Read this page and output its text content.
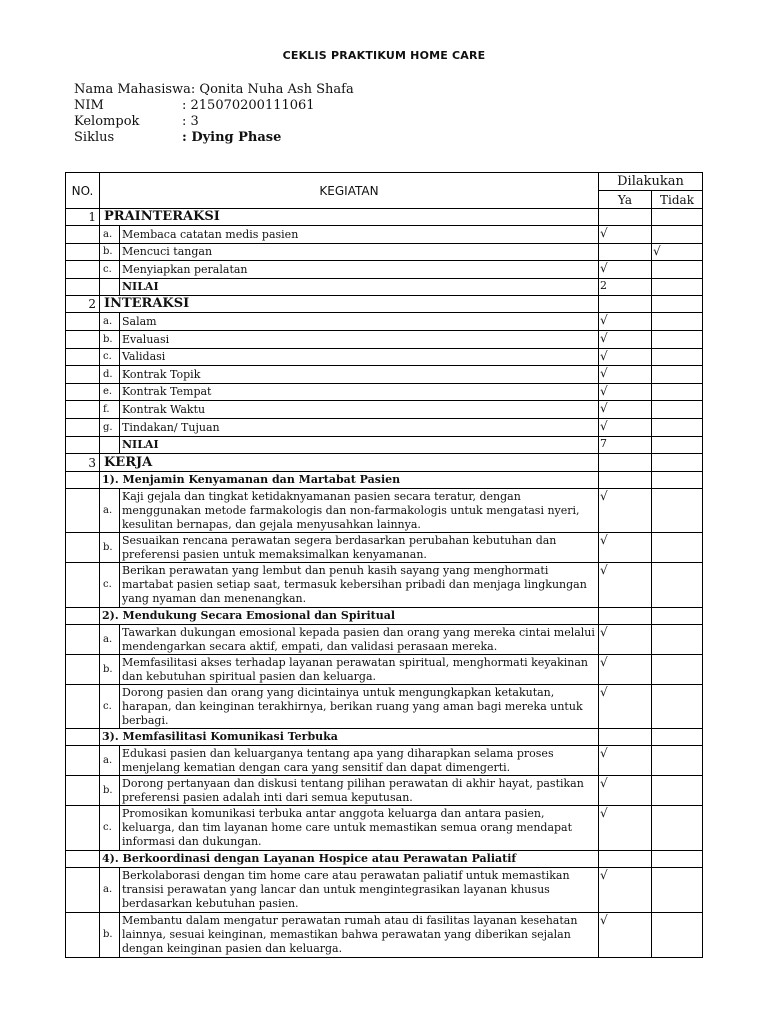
CEKLIS PRAKTIKUM HOME CARE
Nama Mahasiswa: Qonita Nuha Ash Shafa
NIM	: 215070200111061
Kelompok	: 3
Siklus	: Dying Phase
NO.	KEGIATAN		Dilakukan	
			Ya	Tidak
1	PRAINTERAKSI			
	a.	Membaca catatan medis pasien	√	
	b.	Mencuci tangan		√
	c.	Menyiapkan peralatan	√	
		NILAI	2	
2	INTERAKSI			
	a.	Salam	√	
	b.	Evaluasi	√	
	c.	Validasi	√	
	d.	Kontrak Topik	√	
	e.	Kontrak Tempat	√	
	f.	Kontrak Waktu	√	
	g.	Tindakan/ Tujuan	√	
		NILAI	7	
3	KERJA			
	1). Menjamin Kenyamanan dan Martabat Pasien			
	a.	Kaji gejala dan tingkat ketidaknyamanan pasien secara teratur, dengan menggunakan metode farmakologis dan non-farmakologis untuk mengatasi nyeri, kesulitan bernapas, dan gejala menyusahkan lainnya.	√	
	b.	Sesuaikan rencana perawatan segera berdasarkan perubahan kebutuhan dan preferensi pasien untuk memaksimalkan kenyamanan.	√	
	c.	Berikan perawatan yang lembut dan penuh kasih sayang yang menghormati martabat pasien setiap saat, termasuk kebersihan pribadi dan menjaga lingkungan yang nyaman dan menenangkan.	√	
	2). Mendukung Secara Emosional dan Spiritual			
	a.	Tawarkan dukungan emosional kepada pasien dan orang yang mereka cintai melalui mendengarkan secara aktif, empati, dan validasi perasaan mereka.	√	
	b.	Memfasilitasi akses terhadap layanan perawatan spiritual, menghormati keyakinan dan kebutuhan spiritual pasien dan keluarga.	√	
	c.	Dorong pasien dan orang yang dicintainya untuk mengungkapkan ketakutan, harapan, dan keinginan terakhirnya, berikan ruang yang aman bagi mereka untuk berbagi.	√	
	3). Memfasilitasi Komunikasi Terbuka			
	a.	Edukasi pasien dan keluarganya tentang apa yang diharapkan selama proses menjelang kematian dengan cara yang sensitif dan dapat dimengerti.	√	
	b.	Dorong pertanyaan dan diskusi tentang pilihan perawatan di akhir hayat, pastikan preferensi pasien adalah inti dari semua keputusan.	√	
	c.	Promosikan komunikasi terbuka antar anggota keluarga dan antara pasien, keluarga, dan tim layanan home care untuk memastikan semua orang mendapat informasi dan dukungan.	√	
	4). Berkoordinasi dengan Layanan Hospice atau Perawatan Paliatif			
	a.	Berkolaborasi dengan tim home care atau perawatan paliatif untuk memastikan transisi perawatan yang lancar dan untuk mengintegrasikan layanan khusus berdasarkan kebutuhan pasien.	√	
	b.	Membantu dalam mengatur perawatan rumah atau di fasilitas layanan kesehatan lainnya, sesuai keinginan, memastikan bahwa perawatan yang diberikan sejalan dengan keinginan pasien dan keluarga.	√	
